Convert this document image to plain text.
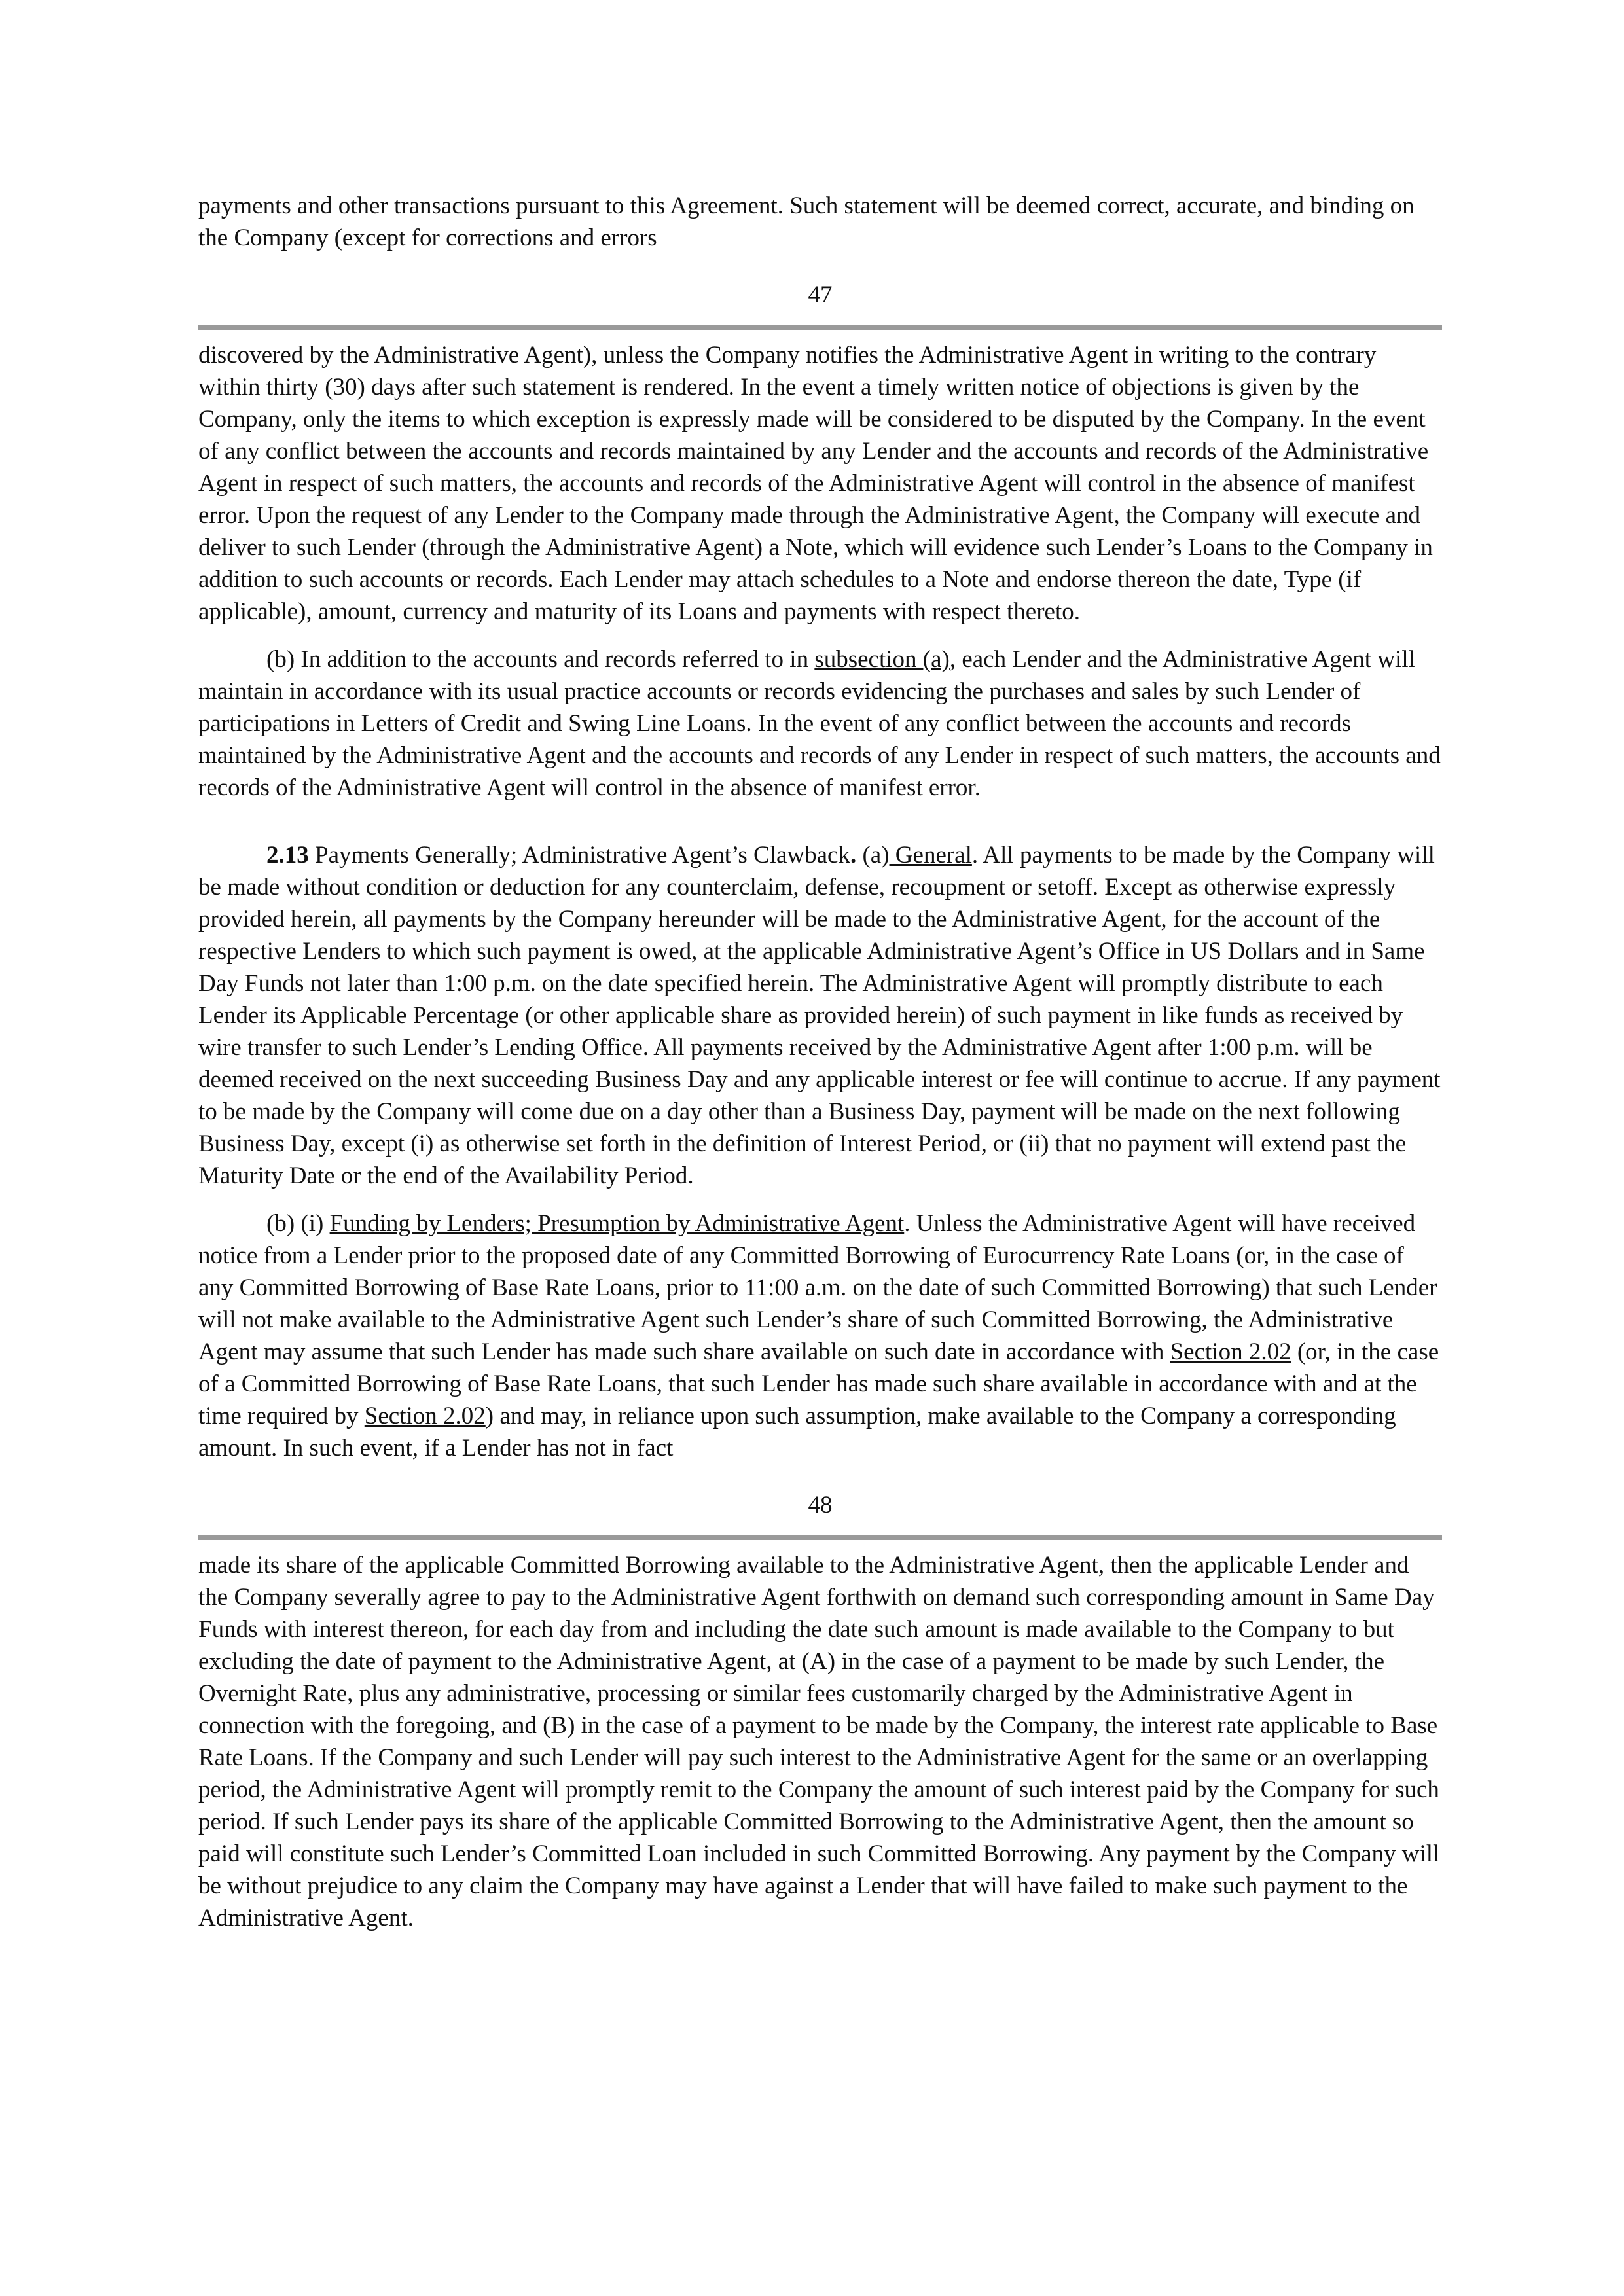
payments and other transactions pursuant to this Agreement. Such statement will be deemed correct, accurate, and binding on the Company (except for corrections and errors

47

discovered by the Administrative Agent), unless the Company notifies the Administrative Agent in writing to the contrary within thirty (30) days after such statement is rendered. In the event a timely written notice of objections is given by the Company, only the items to which exception is expressly made will be considered to be disputed by the Company. In the event of any conflict between the accounts and records maintained by any Lender and the accounts and records of the Administrative Agent in respect of such matters, the accounts and records of the Administrative Agent will control in the absence of manifest error. Upon the request of any Lender to the Company made through the Administrative Agent, the Company will execute and deliver to such Lender (through the Administrative Agent) a Note, which will evidence such Lender’s Loans to the Company in addition to such accounts or records. Each Lender may attach schedules to a Note and endorse thereon the date, Type (if applicable), amount, currency and maturity of its Loans and payments with respect thereto.

(b) In addition to the accounts and records referred to in subsection (a), each Lender and the Administrative Agent will maintain in accordance with its usual practice accounts or records evidencing the purchases and sales by such Lender of participations in Letters of Credit and Swing Line Loans. In the event of any conflict between the accounts and records maintained by the Administrative Agent and the accounts and records of any Lender in respect of such matters, the accounts and records of the Administrative Agent will control in the absence of manifest error.

2.13 Payments Generally; Administrative Agent’s Clawback. (a) General. All payments to be made by the Company will be made without condition or deduction for any counterclaim, defense, recoupment or setoff. Except as otherwise expressly provided herein, all payments by the Company hereunder will be made to the Administrative Agent, for the account of the respective Lenders to which such payment is owed, at the applicable Administrative Agent’s Office in US Dollars and in Same Day Funds not later than 1:00 p.m. on the date specified herein. The Administrative Agent will promptly distribute to each Lender its Applicable Percentage (or other applicable share as provided herein) of such payment in like funds as received by wire transfer to such Lender’s Lending Office. All payments received by the Administrative Agent after 1:00 p.m. will be deemed received on the next succeeding Business Day and any applicable interest or fee will continue to accrue. If any payment to be made by the Company will come due on a day other than a Business Day, payment will be made on the next following Business Day, except (i) as otherwise set forth in the definition of Interest Period, or (ii) that no payment will extend past the Maturity Date or the end of the Availability Period.

(b) (i) Funding by Lenders; Presumption by Administrative Agent. Unless the Administrative Agent will have received notice from a Lender prior to the proposed date of any Committed Borrowing of Eurocurrency Rate Loans (or, in the case of any Committed Borrowing of Base Rate Loans, prior to 11:00 a.m. on the date of such Committed Borrowing) that such Lender will not make available to the Administrative Agent such Lender’s share of such Committed Borrowing, the Administrative Agent may assume that such Lender has made such share available on such date in accordance with Section 2.02 (or, in the case of a Committed Borrowing of Base Rate Loans, that such Lender has made such share available in accordance with and at the time required by Section 2.02) and may, in reliance upon such assumption, make available to the Company a corresponding amount. In such event, if a Lender has not in fact

48

made its share of the applicable Committed Borrowing available to the Administrative Agent, then the applicable Lender and the Company severally agree to pay to the Administrative Agent forthwith on demand such corresponding amount in Same Day Funds with interest thereon, for each day from and including the date such amount is made available to the Company to but excluding the date of payment to the Administrative Agent, at (A) in the case of a payment to be made by such Lender, the Overnight Rate, plus any administrative, processing or similar fees customarily charged by the Administrative Agent in connection with the foregoing, and (B) in the case of a payment to be made by the Company, the interest rate applicable to Base Rate Loans. If the Company and such Lender will pay such interest to the Administrative Agent for the same or an overlapping period, the Administrative Agent will promptly remit to the Company the amount of such interest paid by the Company for such period. If such Lender pays its share of the applicable Committed Borrowing to the Administrative Agent, then the amount so paid will constitute such Lender’s Committed Loan included in such Committed Borrowing. Any payment by the Company will be without prejudice to any claim the Company may have against a Lender that will have failed to make such payment to the Administrative Agent.
